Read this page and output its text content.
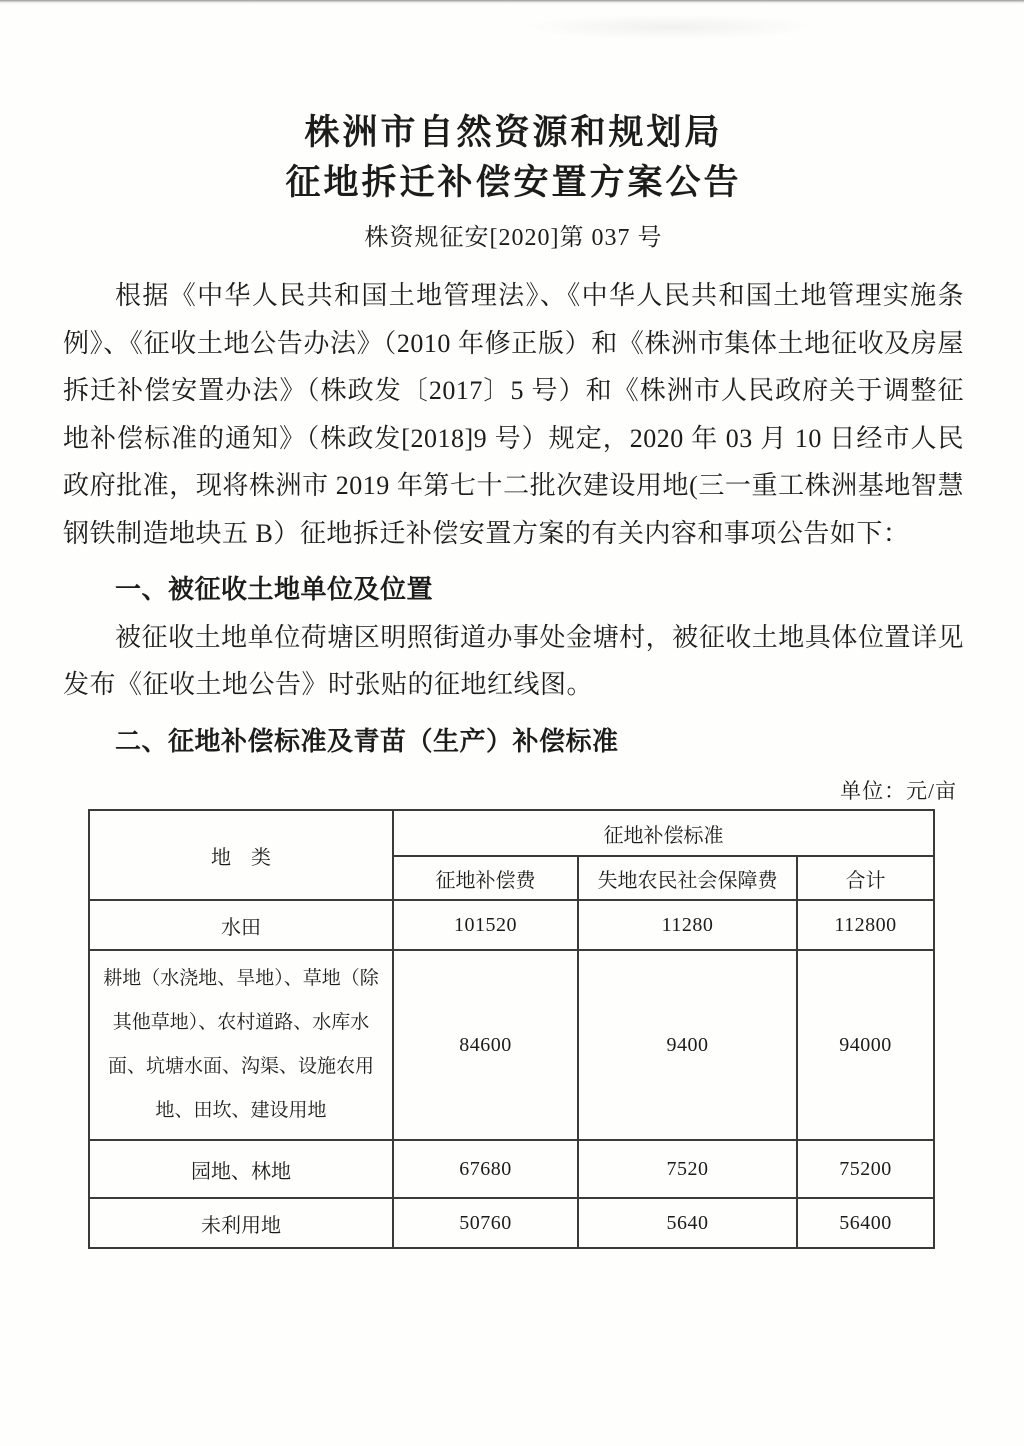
株洲市自然资源和规划局
征地拆迁补偿安置方案公告
株资规征安[2020]第 037 号

根据《中华人民共和国土地管理法》、《中华人民共和国土地管理实施条例》、《征收土地公告办法》（2010 年修正版）和《株洲市集体土地征收及房屋拆迁补偿安置办法》（株政发〔2017〕5 号）和《株洲市人民政府关于调整征地补偿标准的通知》（株政发[2018]9 号）规定，2020 年 03 月 10 日经市人民政府批准，现将株洲市 2019 年第七十二批次建设用地(三一重工株洲基地智慧钢铁制造地块五 B）征地拆迁补偿安置方案的有关内容和事项公告如下：

一、被征收土地单位及位置

被征收土地单位荷塘区明照街道办事处金塘村，被征收土地具体位置详见发布《征收土地公告》时张贴的征地红线图。

二、征地补偿标准及青苗（生产）补偿标准
单位：元/亩
地　类	征地补偿标准		
	征地补偿费	失地农民社会保障费	合计
水田	101520	11280	112800
耕地（水浇地、旱地）、草地（除其他草地）、农村道路、水库水面、坑塘水面、沟渠、设施农用地、田坎、建设用地	84600	9400	94000
园地、林地	67680	7520	75200
未利用地	50760	5640	56400
